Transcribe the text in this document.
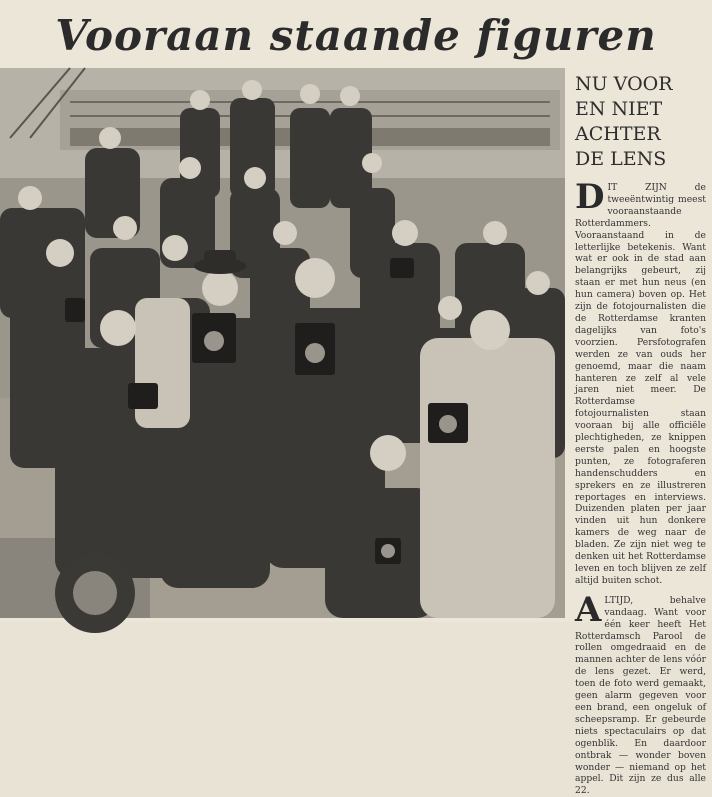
Vooraan staande figuren
NU VOOR
EN NIET
ACHTER
DE LENS

DIT ZIJN de tweeëntwintig meest vooraanstaande Rotterdammers. Vooraanstaand in de letterlijke betekenis. Want wat er ook in de stad aan belangrijks gebeurt, zij staan er met hun neus (en hun camera) boven op. Het zijn de fotojournalisten die de Rotterdamse kranten dagelijks van foto's voorzien. Persfotografen werden ze van ouds her genoemd, maar die naam hanteren ze zelf al vele jaren niet meer. De Rotterdamse fotojournalisten staan vooraan bij alle officiële plechtigheden, ze knippen eerste palen en hoogste punten, ze fotograferen handenschudders en sprekers en ze illustreren reportages en interviews. Duizenden platen per jaar vinden uit hun donkere kamers de weg naar de bladen. Ze zijn niet weg te denken uit het Rotterdamse leven en toch blijven ze zelf altijd buiten schot.

ALTIJD, behalve vandaag. Want voor één keer heeft Het Rotterdamsch Parool de rollen omgedraaid en de mannen achter de lens vóór de lens gezet. Er werd, toen de foto werd gemaakt, geen alarm gegeven voor een brand, een ongeluk of scheepsramp. Er gebeurde niets spectaculairs op dat ogenblik. En daardoor ontbrak — wonder boven wonder — niemand op het appel. Dit zijn ze dus alle 22.
